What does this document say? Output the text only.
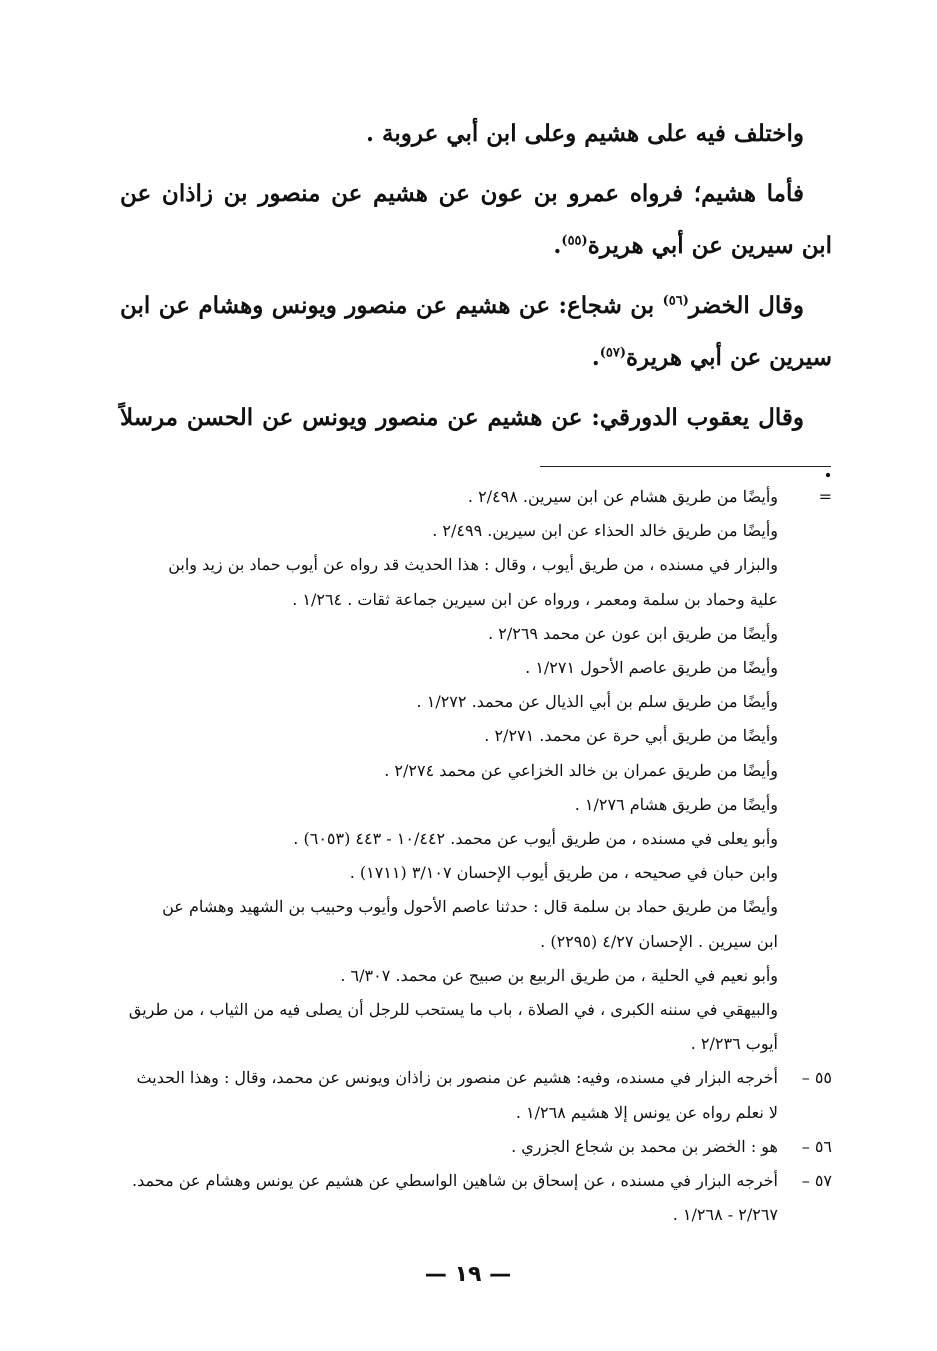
واختلف فيه على هشيم وعلى ابن أبي عروبة .

فأما هشيم؛ فرواه عمرو بن عون عن هشيم عن منصور بن زاذان عن ابن سيرين عن أبي هريرة$^{(٥٥)}$.

وقال الخضر$^{(٥٦)}$ بن شجاع: عن هشيم عن منصور ويونس وهشام عن ابن سيرين عن أبي هريرة$^{(٥٧)}$.

وقال يعقوب الدورقي: عن هشيم عن منصور ويونس عن الحسن مرسلاً .

=
وأيضًا من طريق هشام عن ابن سيرين. ٢/٤٩٨ .
وأيضًا من طريق خالد الحذاء عن ابن سيرين. ٢/٤٩٩ .
والبزار في مسنده ، من طريق أيوب ، وقال : هذا الحديث قد رواه عن أيوب حماد بن زيد وابن
علية وحماد بن سلمة ومعمر ، ورواه عن ابن سيرين جماعة ثقات . ١/٢٦٤ .
وأيضًا من طريق ابن عون عن محمد ٢/٢٦٩ .
وأيضًا من طريق عاصم الأحول ١/٢٧١ .
وأيضًا من طريق سلم بن أبي الذيال عن محمد. ١/٢٧٢ .
وأيضًا من طريق أبي حرة عن محمد. ٢/٢٧١ .
وأيضًا من طريق عمران بن خالد الخزاعي عن محمد ٢/٢٧٤ .
وأيضًا من طريق هشام ١/٢٧٦ .
وأبو يعلى في مسنده ، من طريق أيوب عن محمد. ١٠/٤٤٢ - ٤٤٣ (٦٠٥٣) .
وابن حبان في صحيحه ، من طريق أيوب الإحسان ٣/١٠٧ (١٧١١) .
وأيضًا من طريق حماد بن سلمة قال : حدثنا عاصم الأحول وأيوب وحبيب بن الشهيد وهشام عن
ابن سيرين . الإحسان ٤/٢٧ (٢٢٩٥) .
وأبو نعيم في الحلية ، من طريق الربيع بن صبيح عن محمد. ٦/٣٠٧ .
والبيهقي في سننه الكبرى ، في الصلاة ، باب ما يستحب للرجل أن يصلى فيه من الثياب ، من طريق
أيوب ٢/٢٣٦ .
٥٥ –
أخرجه البزار في مسنده، وفيه: هشيم عن منصور بن زاذان ويونس عن محمد، وقال : وهذا الحديث
لا نعلم رواه عن يونس إلا هشيم ١/٢٦٨ .
٥٦ –
هو : الخضر بن محمد بن شجاع الجزري .
٥٧ –
أخرجه البزار في مسنده ، عن إسحاق بن شاهين الواسطي عن هشيم عن يونس وهشام عن محمد.
٢/٢٦٧ - ١/٢٦٨ .
— ١٩ —
